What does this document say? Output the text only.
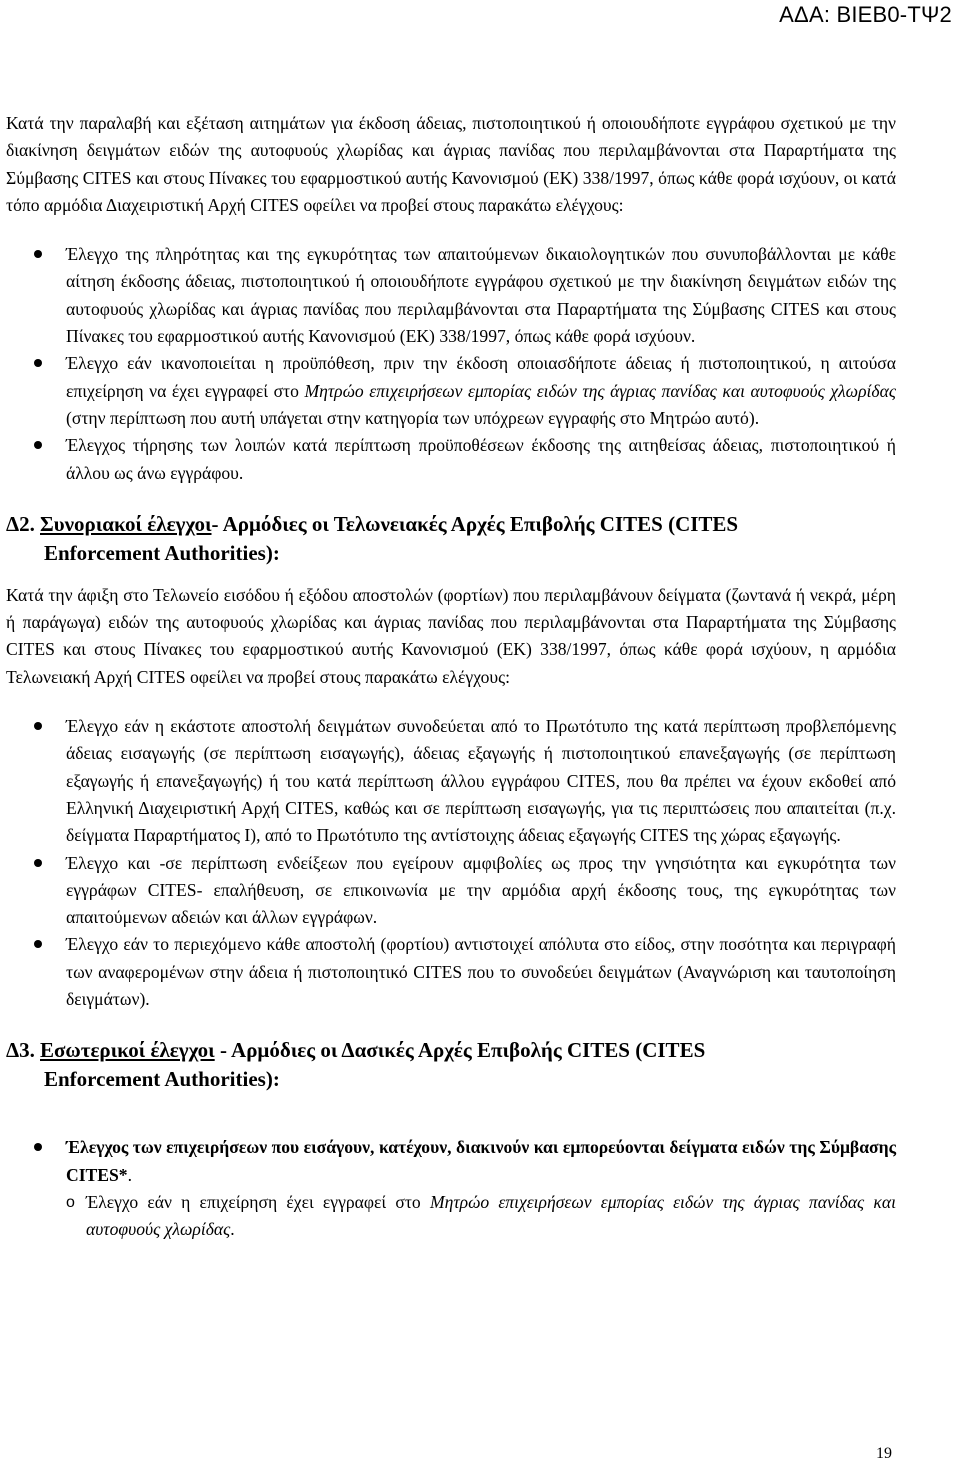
ΑΔΑ: ΒΙΕΒ0-ΤΨ2

Κατά την παραλαβή και εξέταση αιτημάτων για έκδοση άδειας, πιστοποιητικού ή οποιουδήποτε εγγράφου σχετικού με την διακίνηση δειγμάτων ειδών της αυτοφυούς χλωρίδας και άγριας πανίδας που περιλαμβάνονται στα Παραρτήματα της Σύμβασης CITES και στους Πίνακες του εφαρμοστικού αυτής Κανονισμού (ΕΚ) 338/1997, όπως κάθε φορά ισχύουν, οι κατά τόπο αρμόδια Διαχειριστική Αρχή CITES οφείλει να προβεί στους παρακάτω ελέγχους:

Έλεγχο της πληρότητας και της εγκυρότητας των απαιτούμενων δικαιολογητικών που συνυποβάλλονται με κάθε αίτηση έκδοσης άδειας, πιστοποιητικού ή οποιουδήποτε εγγράφου σχετικού με την διακίνηση δειγμάτων ειδών της αυτοφυούς χλωρίδας και άγριας πανίδας που περιλαμβάνονται στα Παραρτήματα της Σύμβασης CITES και στους Πίνακες του εφαρμοστικού αυτής Κανονισμού (ΕΚ) 338/1997, όπως κάθε φορά ισχύουν.
Έλεγχο εάν ικανοποιείται η προϋπόθεση, πριν την έκδοση οποιασδήποτε άδειας ή πιστοποιητικού, η αιτούσα επιχείρηση να έχει εγγραφεί στο Μητρώο επιχειρήσεων εμπορίας ειδών της άγριας πανίδας και αυτοφυούς χλωρίδας (στην περίπτωση που αυτή υπάγεται στην κατηγορία των υπόχρεων εγγραφής στο Μητρώο αυτό).
Έλεγχος τήρησης των λοιπών κατά περίπτωση προϋποθέσεων έκδοσης της αιτηθείσας άδειας, πιστοποιητικού ή άλλου ως άνω εγγράφου.
Δ2. Συνοριακοί έλεγχοι- Αρμόδιες οι Τελωνειακές Αρχές Επιβολής CITES (CITES
Enforcement Authorities):

Κατά την άφιξη στο Τελωνείο εισόδου ή εξόδου αποστολών (φορτίων) που περιλαμβάνουν δείγματα (ζωντανά ή νεκρά, μέρη ή παράγωγα) ειδών της αυτοφυούς χλωρίδας και άγριας πανίδας που περιλαμβάνονται στα Παραρτήματα της Σύμβασης CITES και στους Πίνακες του εφαρμοστικού αυτής Κανονισμού (ΕΚ) 338/1997, όπως κάθε φορά ισχύουν, η αρμόδια Τελωνειακή Αρχή CITES οφείλει να προβεί στους παρακάτω ελέγχους:

Έλεγχο εάν η εκάστοτε αποστολή δειγμάτων συνοδεύεται από το Πρωτότυπο της κατά περίπτωση προβλεπόμενης άδειας εισαγωγής (σε περίπτωση εισαγωγής), άδειας εξαγωγής ή πιστοποιητικού επανεξαγωγής (σε περίπτωση εξαγωγής ή επανεξαγωγής) ή του κατά περίπτωση άλλου εγγράφου CITES, που θα πρέπει να έχουν εκδοθεί από Ελληνική Διαχειριστική Αρχή CITES, καθώς και σε περίπτωση εισαγωγής, για τις περιπτώσεις που απαιτείται (π.χ. δείγματα Παραρτήματος Ι), από το Πρωτότυπο της αντίστοιχης άδειας εξαγωγής CITES της χώρας εξαγωγής.
Έλεγχο και -σε περίπτωση ενδείξεων που εγείρουν αμφιβολίες ως προς την γνησιότητα και εγκυρότητα των εγγράφων CITES- επαλήθευση, σε επικοινωνία με την αρμόδια αρχή έκδοσης τους, της εγκυρότητας των απαιτούμενων αδειών και άλλων εγγράφων.
Έλεγχο εάν το περιεχόμενο κάθε αποστολή (φορτίου) αντιστοιχεί απόλυτα στο είδος, στην ποσότητα και περιγραφή των αναφερομένων στην άδεια ή πιστοποιητικό CITES που το συνοδεύει δειγμάτων (Αναγνώριση και ταυτοποίηση δειγμάτων).
Δ3. Εσωτερικοί έλεγχοι - Αρμόδιες οι Δασικές Αρχές Επιβολής CITES (CITES
Enforcement Authorities):
Έλεγχος των επιχειρήσεων που εισάγουν, κατέχουν, διακινούν και εμπορεύονται δείγματα ειδών της Σύμβασης CITES*.
o Έλεγχο εάν η επιχείρηση έχει εγγραφεί στο Μητρώο επιχειρήσεων εμπορίας ειδών της άγριας πανίδας και αυτοφυούς χλωρίδας.
19
